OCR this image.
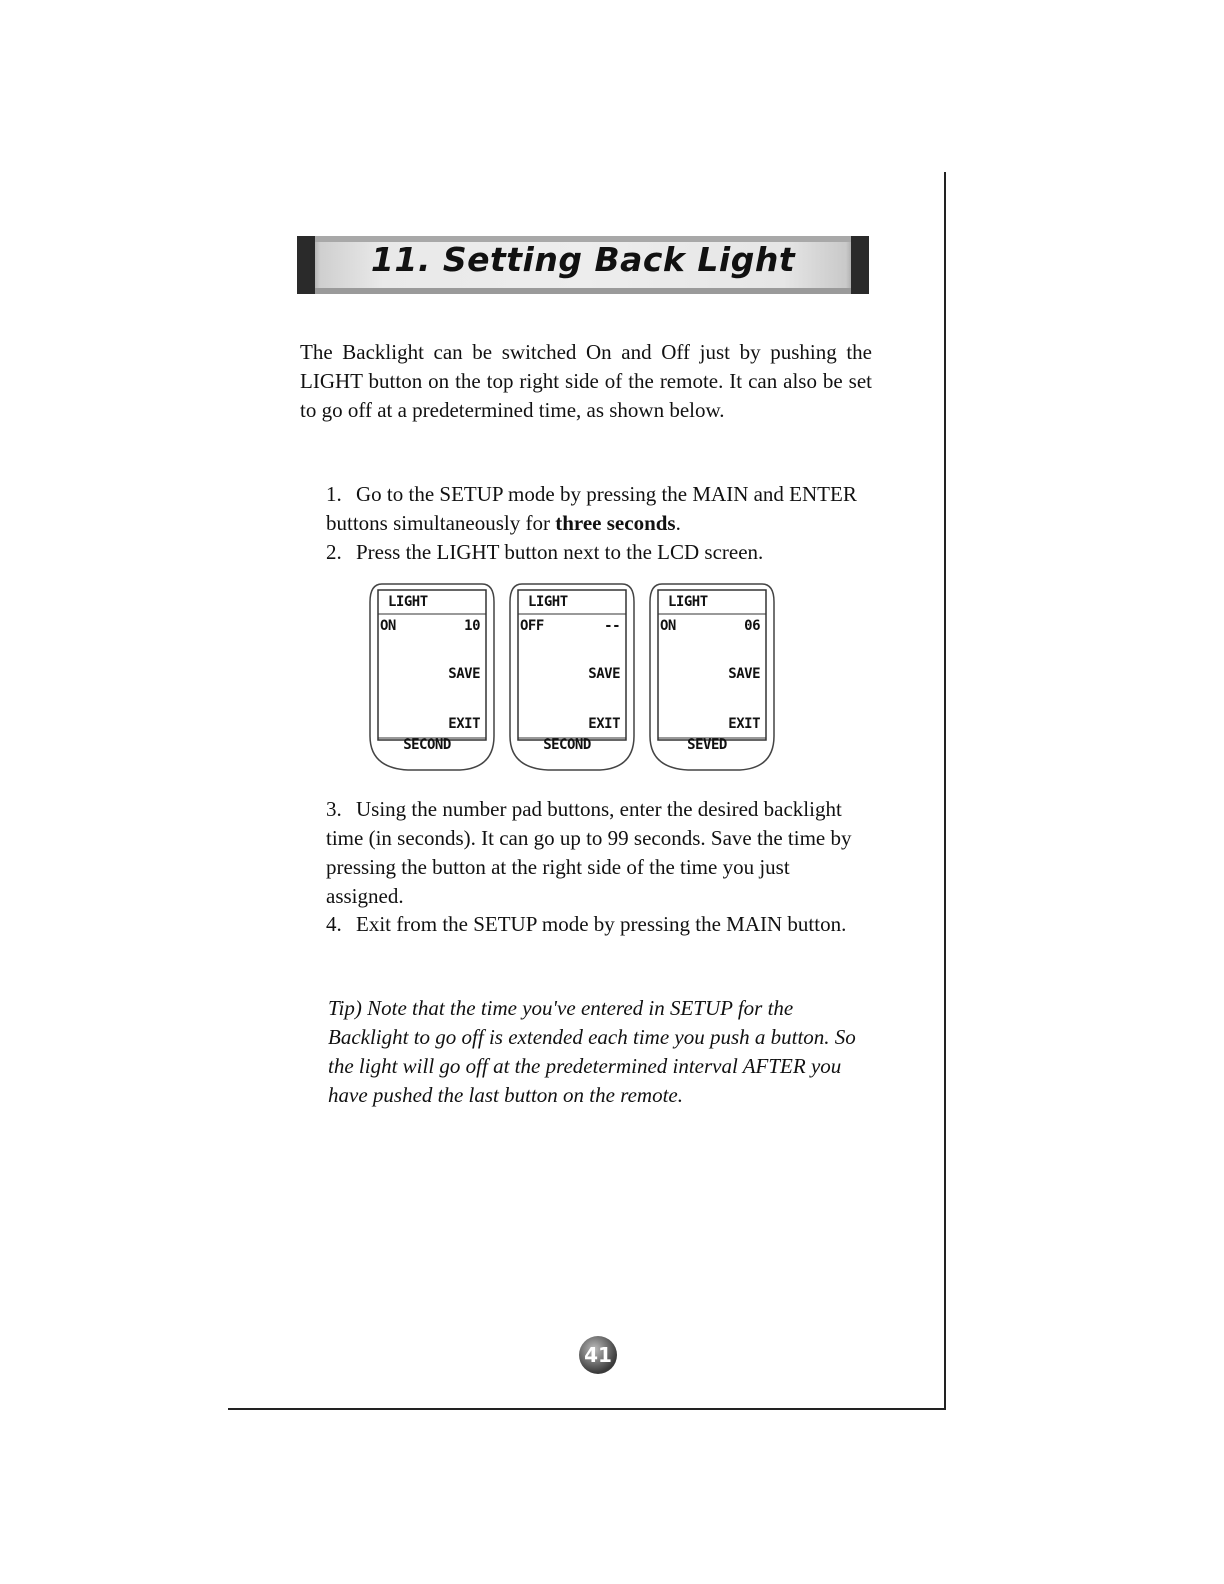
11. Setting Back Light
The Backlight can be switched On and Off just by pushing the LIGHT button on the top right side of the remote. It can also be set to go off at a predetermined time, as shown below.
1. Go to the SETUP mode by pressing the MAIN and ENTER buttons simultaneously for three seconds.
2. Press the LIGHT button next to the LCD screen.
LIGHT
ON	10
SAVE
EXIT
SECOND
LIGHT
OFF	--
SAVE
EXIT
SECOND
LIGHT
ON	06
SAVE
EXIT
SEVED
3. Using the number pad buttons, enter the desired backlight time (in seconds). It can go up to 99 seconds. Save the time by pressing the button at the right side of the time you just assigned.
4. Exit from the SETUP mode by pressing the MAIN button.
Tip) Note that the time you've entered in SETUP for the Backlight to go off is extended each time you push a button. So the light will go off at the predetermined interval AFTER you have pushed the last button on the remote.
41
